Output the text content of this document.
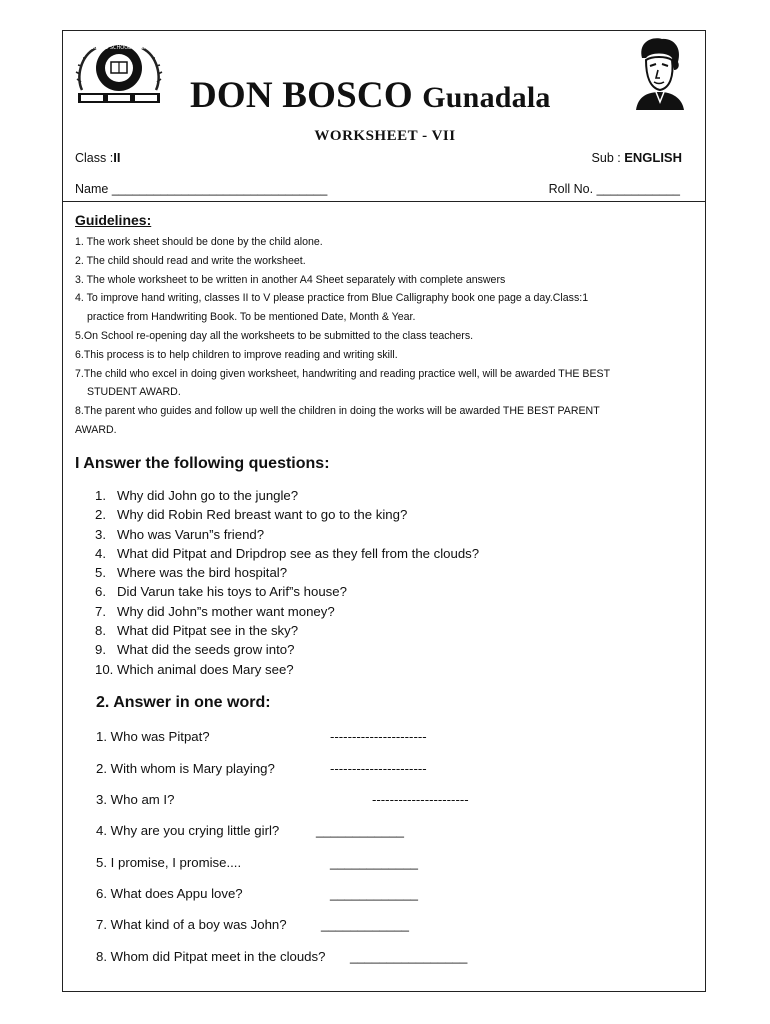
DON BOSCO SCHOOL GUNADALA
DON BOSCO Gunadala
WORKSHEET - VII
Class :II	Sub : ENGLISH
Name _______________________________	Roll No. ____________
Guidelines:
1. The work sheet should be done by the child alone.
2. The child should read and write the worksheet.
3. The whole worksheet to be written in another A4 Sheet separately with complete answers
4. To improve hand writing, classes II to V please practice from Blue Calligraphy book one page a day.Class:1
practice from Handwriting Book. To be mentioned Date, Month & Year.
5.On School re-opening day all the worksheets to be submitted to the class teachers.
6.This process is to help children to improve reading and writing skill.
7.The child who excel in doing given worksheet, handwriting and reading practice well, will be awarded THE BEST
STUDENT AWARD.
8.The parent who guides and follow up well the children in doing the works will be awarded THE BEST PARENT
AWARD.
I Answer the following questions:
1. Why did John go to the jungle?
2. Why did Robin Red breast want to go to the king?
3. Who was Varun”s friend?
4. What did Pitpat and Dripdrop see as they fell from the clouds?
5. Where was the bird hospital?
6. Did Varun take his toys to Arif”s house?
7. Why did John”s mother want money?
8. What did Pitpat see in the sky?
9. What did the seeds grow into?
10. Which animal does Mary see?
2. Answer in one word:
1. Who was Pitpat?	----------------------
2. With whom is Mary playing?	----------------------
3. Who am I?	----------------------
4. Why are you crying little girl?	____________
5. I promise, I promise....	____________
6. What does Appu love?	____________
7. What kind of a boy was John?	____________
8. Whom did Pitpat meet in the clouds? ________________
